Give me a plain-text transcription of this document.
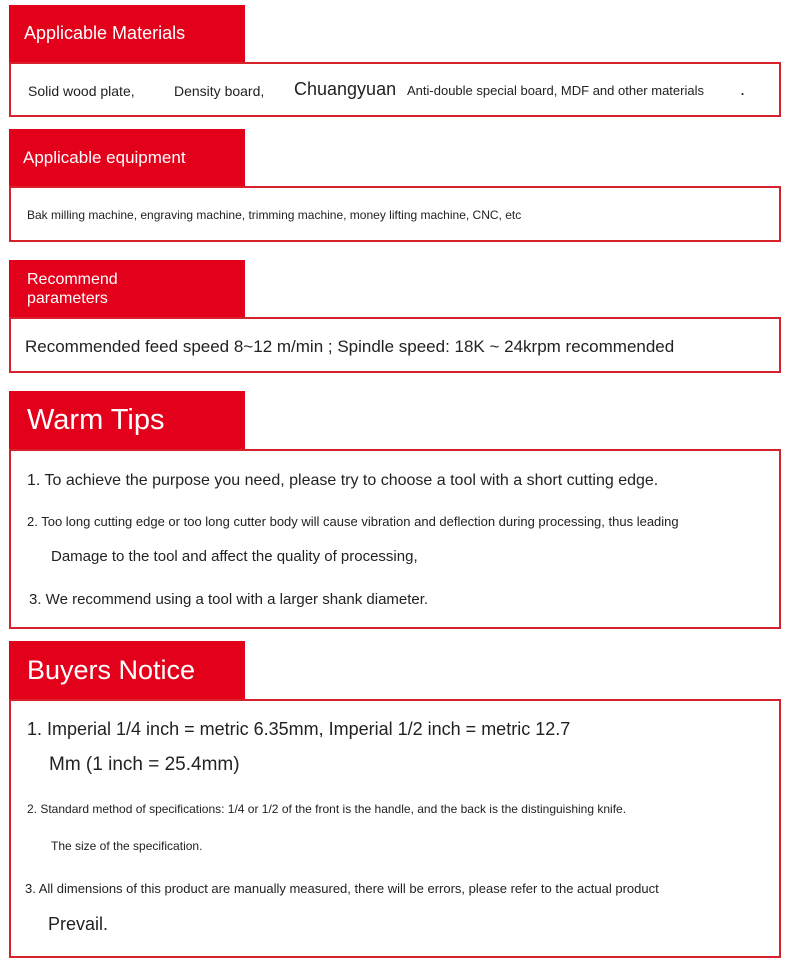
Applicable Materials
Solid wood plate,	Density board, Chuangyuan Anti-double special board, MDF and other materials .
Applicable equipment
Bak milling machine, engraving machine, trimming machine, money lifting machine, CNC, etc
Recommend
parameters
Recommended feed speed 8~12 m/min ; Spindle speed: 18K ~ 24krpm recommended
Warm Tips
1. To achieve the purpose you need, please try to choose a tool with a short cutting edge.
2. Too long cutting edge or too long cutter body will cause vibration and deflection during processing, thus leading
Damage to the tool and affect the quality of processing,
3. We recommend using a tool with a larger shank diameter.
Buyers Notice
1. Imperial 1/4 inch = metric 6.35mm, Imperial 1/2 inch = metric 12.7
Mm (1 inch = 25.4mm)
2. Standard method of specifications: 1/4 or 1/2 of the front is the handle, and the back is the distinguishing knife.
The size of the specification.
3. All dimensions of this product are manually measured, there will be errors, please refer to the actual product
Prevail.
